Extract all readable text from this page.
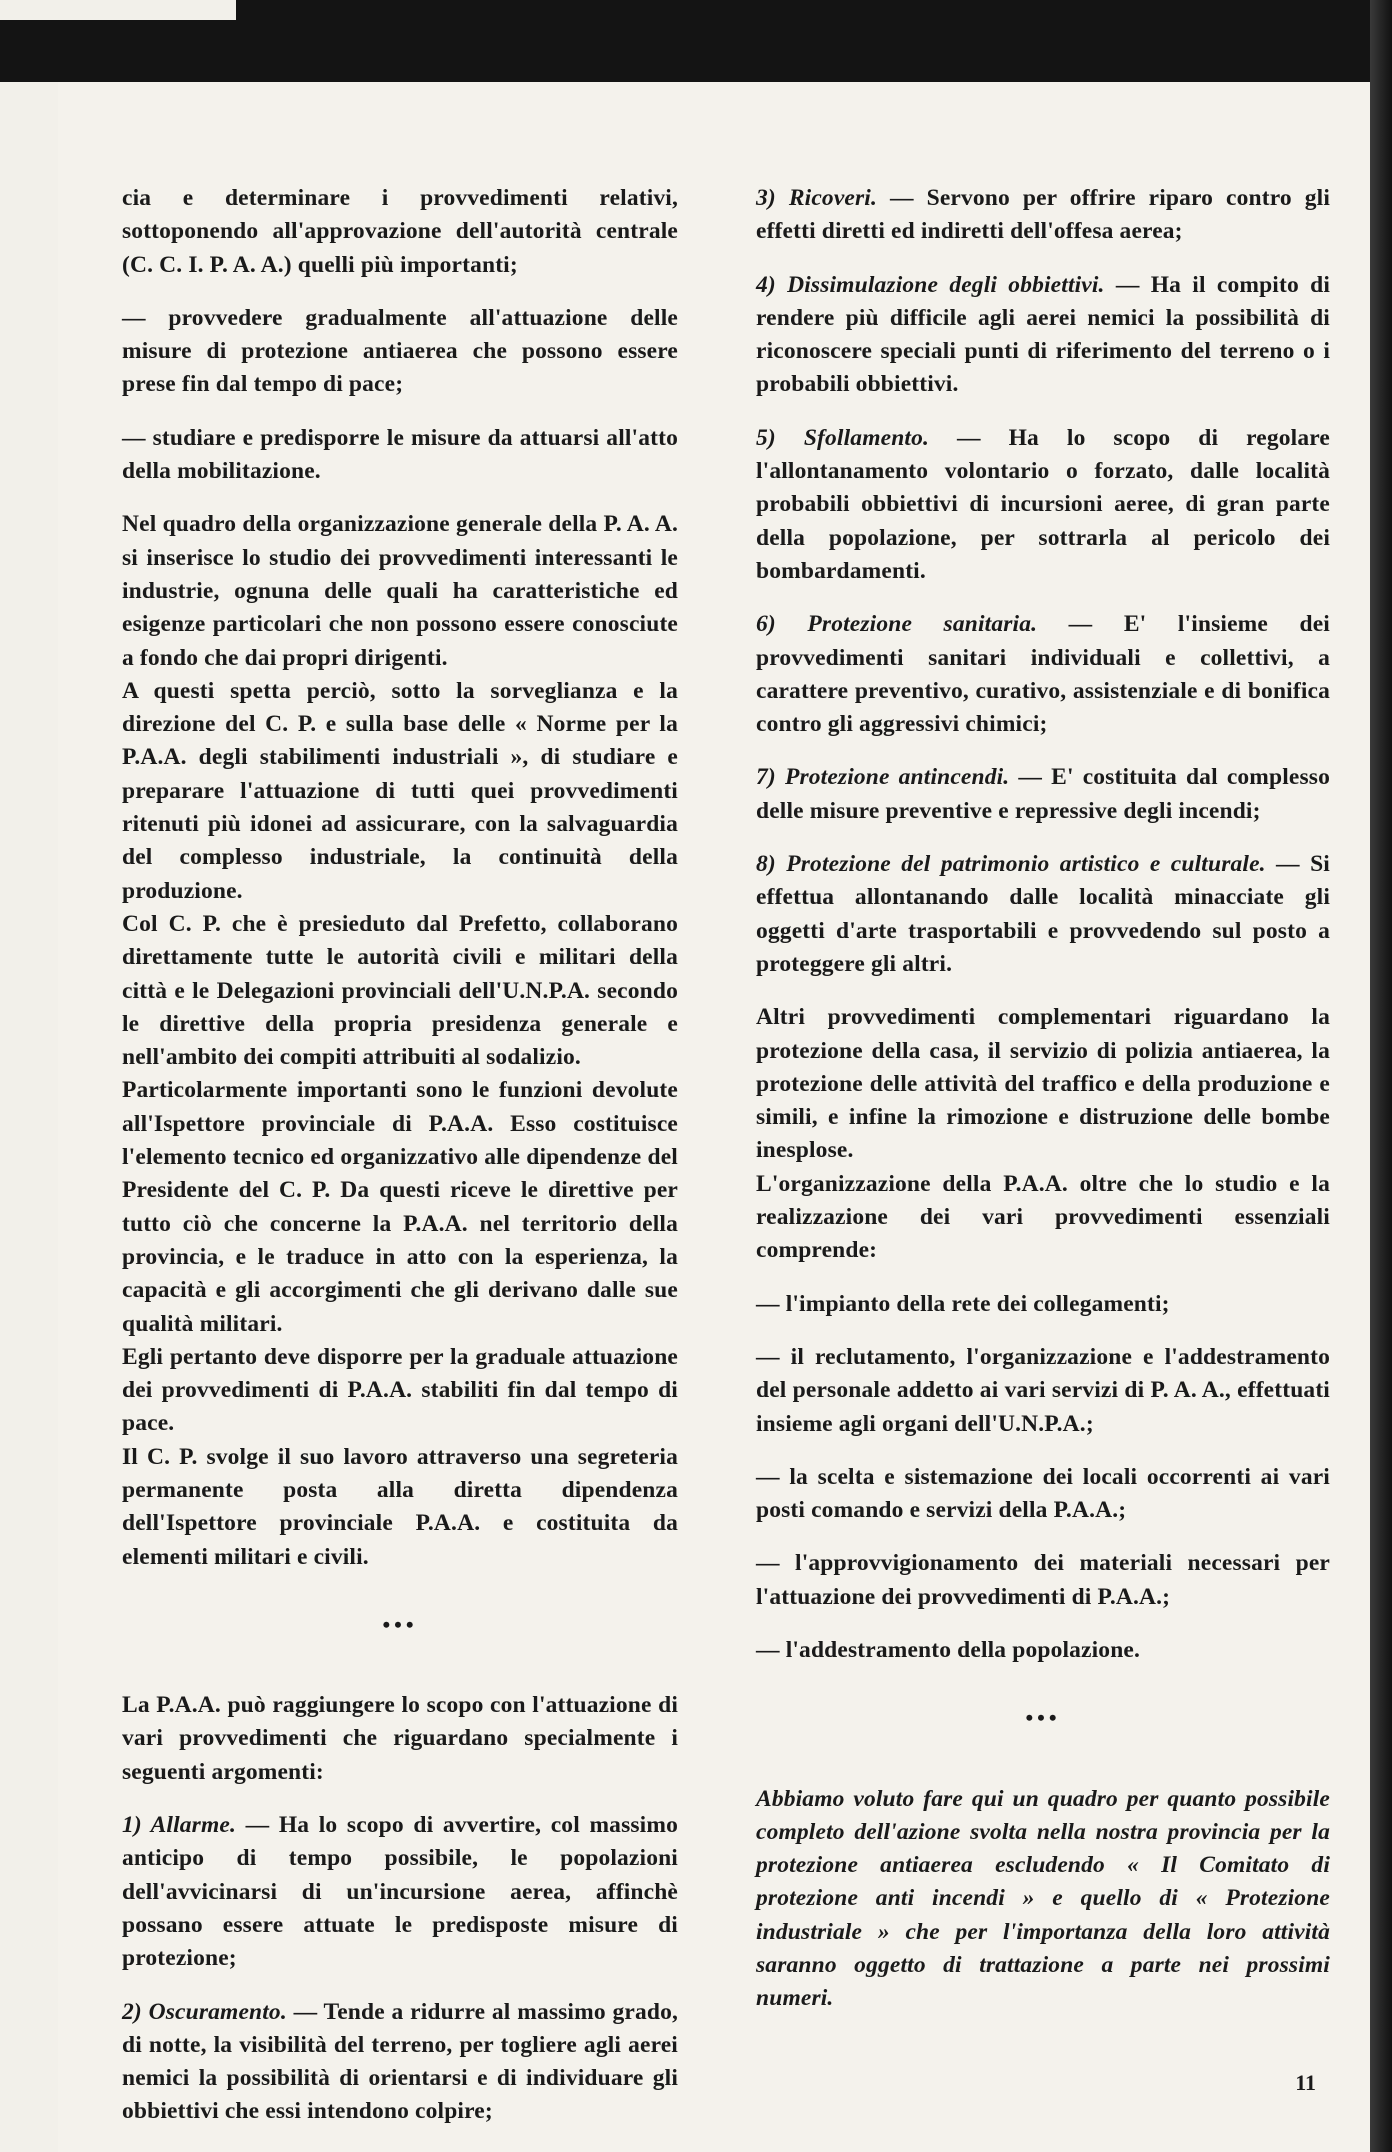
cia e determinare i provvedimenti relativi, sottoponendo all'approvazione dell'autorità centrale (C. C. I. P. A. A.) quelli più importanti;

— provvedere gradualmente all'attuazione delle misure di protezione antiaerea che possono essere prese fin dal tempo di pace;

— studiare e predisporre le misure da attuarsi all'atto della mobilitazione.

Nel quadro della organizzazione generale della P. A. A. si inserisce lo studio dei provvedimenti interessanti le industrie, ognuna delle quali ha caratteristiche ed esigenze particolari che non possono essere conosciute a fondo che dai propri dirigenti.

A questi spetta perciò, sotto la sorveglianza e la direzione del C. P. e sulla base delle « Norme per la P.A.A. degli stabilimenti industriali », di studiare e preparare l'attuazione di tutti quei provvedimenti ritenuti più idonei ad assicurare, con la salvaguardia del complesso industriale, la continuità della produzione.

Col C. P. che è presieduto dal Prefetto, collaborano direttamente tutte le autorità civili e militari della città e le Delegazioni provinciali dell'U.N.P.A. secondo le direttive della propria presidenza generale e nell'ambito dei compiti attribuiti al sodalizio.

Particolarmente importanti sono le funzioni devolute all'Ispettore provinciale di P.A.A. Esso costituisce l'elemento tecnico ed organizzativo alle dipendenze del Presidente del C. P. Da questi riceve le direttive per tutto ciò che concerne la P.A.A. nel territorio della provincia, e le traduce in atto con la esperienza, la capacità e gli accorgimenti che gli derivano dalle sue qualità militari.

Egli pertanto deve disporre per la graduale attuazione dei provvedimenti di P.A.A. stabiliti fin dal tempo di pace.

Il C. P. svolge il suo lavoro attraverso una segreteria permanente posta alla diretta dipendenza dell'Ispettore provinciale P.A.A. e costituita da elementi militari e civili.

•••

La P.A.A. può raggiungere lo scopo con l'attuazione di vari provvedimenti che riguardano specialmente i seguenti argomenti:

1) Allarme. — Ha lo scopo di avvertire, col massimo anticipo di tempo possibile, le popolazioni dell'avvicinarsi di un'incursione aerea, affinchè possano essere attuate le predisposte misure di protezione;

2) Oscuramento. — Tende a ridurre al massimo grado, di notte, la visibilità del terreno, per togliere agli aerei nemici la possibilità di orientarsi e di individuare gli obbiettivi che essi intendono colpire;

3) Ricoveri. — Servono per offrire riparo contro gli effetti diretti ed indiretti dell'offesa aerea;

4) Dissimulazione degli obbiettivi. — Ha il compito di rendere più difficile agli aerei nemici la possibilità di riconoscere speciali punti di riferimento del terreno o i probabili obbiettivi.

5) Sfollamento. — Ha lo scopo di regolare l'allontanamento volontario o forzato, dalle località probabili obbiettivi di incursioni aeree, di gran parte della popolazione, per sottrarla al pericolo dei bombardamenti.

6) Protezione sanitaria. — E' l'insieme dei provvedimenti sanitari individuali e collettivi, a carattere preventivo, curativo, assistenziale e di bonifica contro gli aggressivi chimici;

7) Protezione antincendi. — E' costituita dal complesso delle misure preventive e repressive degli incendi;

8) Protezione del patrimonio artistico e culturale. — Si effettua allontanando dalle località minacciate gli oggetti d'arte trasportabili e provvedendo sul posto a proteggere gli altri.

Altri provvedimenti complementari riguardano la protezione della casa, il servizio di polizia antiaerea, la protezione delle attività del traffico e della produzione e simili, e infine la rimozione e distruzione delle bombe inesplose.

L'organizzazione della P.A.A. oltre che lo studio e la realizzazione dei vari provvedimenti essenziali comprende:

— l'impianto della rete dei collegamenti;

— il reclutamento, l'organizzazione e l'addestramento del personale addetto ai vari servizi di P. A. A., effettuati insieme agli organi dell'U.N.P.A.;

— la scelta e sistemazione dei locali occorrenti ai vari posti comando e servizi della P.A.A.;

— l'approvvigionamento dei materiali necessari per l'attuazione dei provvedimenti di P.A.A.;

— l'addestramento della popolazione.

•••

Abbiamo voluto fare qui un quadro per quanto possibile completo dell'azione svolta nella nostra provincia per la protezione antiaerea escludendo « Il Comitato di protezione anti incendi » e quello di « Protezione industriale » che per l'importanza della loro attività saranno oggetto di trattazione a parte nei prossimi numeri.

11
